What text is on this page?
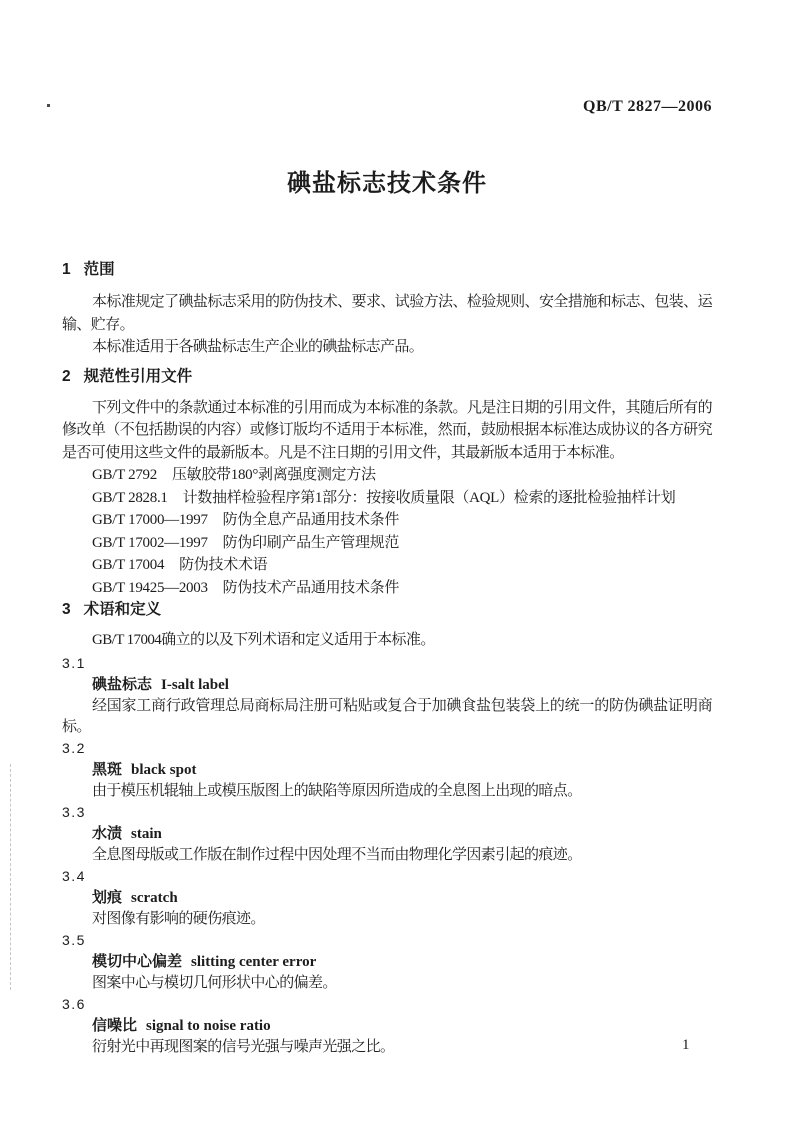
QB/T 2827—2006
碘盐标志技术条件
1 范围

本标准规定了碘盐标志采用的防伪技术、要求、试验方法、检验规则、安全措施和标志、包装、运输、贮存。

本标准适用于各碘盐标志生产企业的碘盐标志产品。

2 规范性引用文件

下列文件中的条款通过本标准的引用而成为本标准的条款。凡是注日期的引用文件，其随后所有的修改单（不包括勘误的内容）或修订版均不适用于本标准，然而，鼓励根据本标准达成协议的各方研究是否可使用这些文件的最新版本。凡是不注日期的引用文件，其最新版本适用于本标准。

GB/T 2792 压敏胶带180°剥离强度测定方法
GB/T 2828.1 计数抽样检验程序第1部分：按接收质量限（AQL）检索的逐批检验抽样计划
GB/T 17000—1997 防伪全息产品通用技术条件
GB/T 17002—1997 防伪印刷产品生产管理规范
GB/T 17004 防伪技术术语
GB/T 19425—2003 防伪技术产品通用技术条件
3 术语和定义

GB/T 17004确立的以及下列术语和定义适用于本标准。

3.1
碘盐标志 I-salt label

经国家工商行政管理总局商标局注册可粘贴或复合于加碘食盐包装袋上的统一的防伪碘盐证明商标。

3.2
黑斑 black spot

由于模压机辊轴上或模压版图上的缺陷等原因所造成的全息图上出现的暗点。

3.3
水渍 stain

全息图母版或工作版在制作过程中因处理不当而由物理化学因素引起的痕迹。

3.4
划痕 scratch

对图像有影响的硬伤痕迹。

3.5
模切中心偏差 slitting center error

图案中心与模切几何形状中心的偏差。

3.6
信噪比 signal to noise ratio

衍射光中再现图案的信号光强与噪声光强之比。	1
